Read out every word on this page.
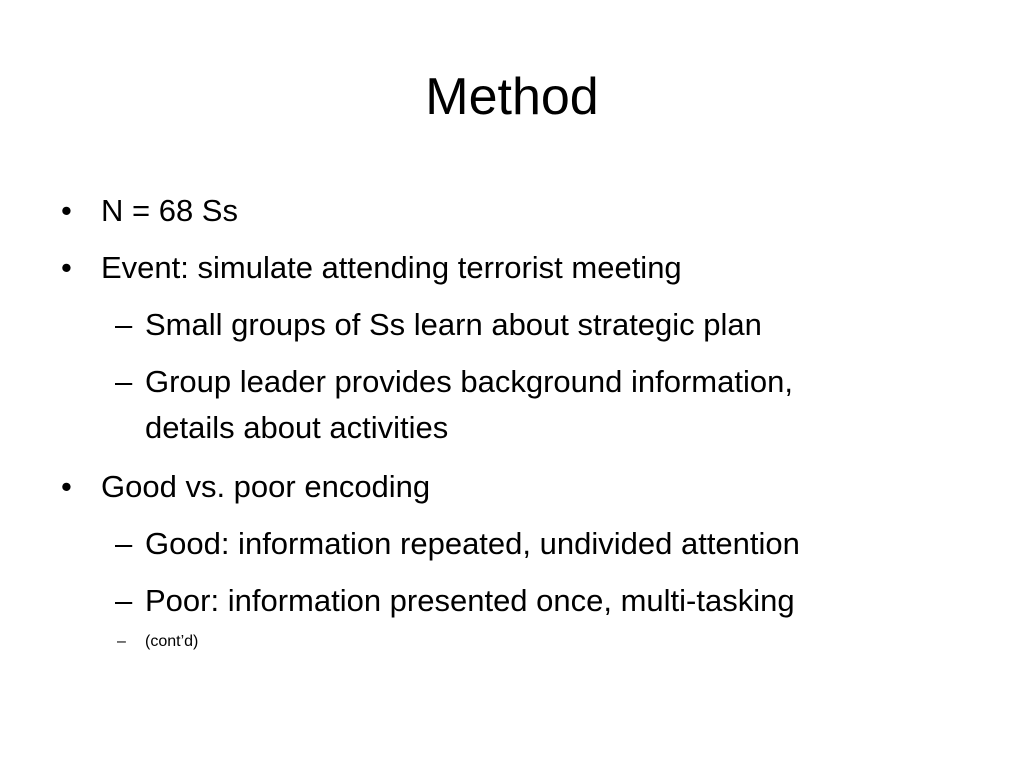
Method
• N = 68 Ss
• Event: simulate attending terrorist meeting
– Small groups of Ss learn about strategic plan
– Group leader provides background information,
details about activities
• Good vs. poor encoding
– Good: information repeated, undivided attention
– Poor: information presented once, multi-tasking
– (cont’d)
